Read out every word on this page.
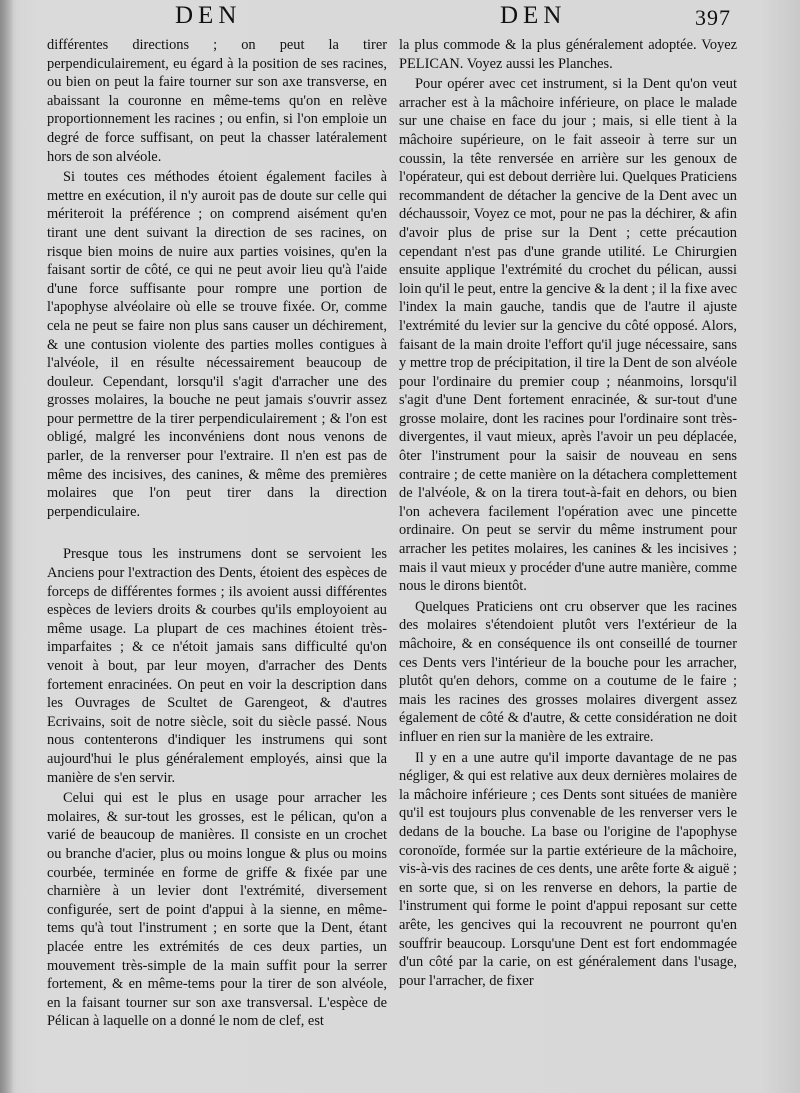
DEN	DEN	397

différentes directions ; on peut la tirer perpendiculairement, eu égard à la position de ses racines, ou bien on peut la faire tourner sur son axe transverse, en abaissant la couronne en même-tems qu'on en relève proportionnement les racines ; ou enfin, si l'on emploie un degré de force suffisant, on peut la chasser latéralement hors de son alvéole.

Si toutes ces méthodes étoient également faciles à mettre en exécution, il n'y auroit pas de doute sur celle qui mériteroit la préférence ; on comprend aisément qu'en tirant une dent suivant la direction de ses racines, on risque bien moins de nuire aux parties voisines, qu'en la faisant sortir de côté, ce qui ne peut avoir lieu qu'à l'aide d'une force suffisante pour rompre une portion de l'apophyse alvéolaire où elle se trouve fixée. Or, comme cela ne peut se faire non plus sans causer un déchirement, & une contusion violente des parties molles contigues à l'alvéole, il en résulte nécessairement beaucoup de douleur. Cependant, lorsqu'il s'agit d'arracher une des grosses molaires, la bouche ne peut jamais s'ouvrir assez pour permettre de la tirer perpendiculairement ; & l'on est obligé, malgré les inconvéniens dont nous venons de parler, de la renverser pour l'extraire. Il n'en est pas de même des incisives, des canines, & même des premières molaires que l'on peut tirer dans la direction perpendiculaire.

Presque tous les instrumens dont se servoient les Anciens pour l'extraction des Dents, étoient des espèces de forceps de différentes formes ; ils avoient aussi différentes espèces de leviers droits & courbes qu'ils employoient au même usage. La plupart de ces machines étoient très-imparfaites ; & ce n'étoit jamais sans difficulté qu'on venoit à bout, par leur moyen, d'arracher des Dents fortement enracinées. On peut en voir la description dans les Ouvrages de Scultet de Garengeot, & d'autres Ecrivains, soit de notre siècle, soit du siècle passé. Nous nous contenterons d'indiquer les instrumens qui sont aujourd'hui le plus généralement employés, ainsi que la manière de s'en servir.

Celui qui est le plus en usage pour arracher les molaires, & sur-tout les grosses, est le pélican, qu'on a varié de beaucoup de manières. Il consiste en un crochet ou branche d'acier, plus ou moins longue & plus ou moins courbée, terminée en forme de griffe & fixée par une charnière à un levier dont l'extrémité, diversement configurée, sert de point d'appui à la sienne, en même-tems qu'à tout l'instrument ; en sorte que la Dent, étant placée entre les extrémités de ces deux parties, un mouvement très-simple de la main suffit pour la serrer fortement, & en même-tems pour la tirer de son alvéole, en la faisant tourner sur son axe transversal. L'espèce de Pélican à laquelle on a donné le nom de clef, est

la plus commode & la plus généralement adoptée. Voyez PELICAN. Voyez aussi les Planches.

Pour opérer avec cet instrument, si la Dent qu'on veut arracher est à la mâchoire inférieure, on place le malade sur une chaise en face du jour ; mais, si elle tient à la mâchoire supérieure, on le fait asseoir à terre sur un coussin, la tête renversée en arrière sur les genoux de l'opérateur, qui est debout derrière lui. Quelques Praticiens recommandent de détacher la gencive de la Dent avec un déchaussoir, Voyez ce mot, pour ne pas la déchirer, & afin d'avoir plus de prise sur la Dent ; cette précaution cependant n'est pas d'une grande utilité. Le Chirurgien ensuite applique l'extrémité du crochet du pélican, aussi loin qu'il le peut, entre la gencive & la dent ; il la fixe avec l'index la main gauche, tandis que de l'autre il ajuste l'extrémité du levier sur la gencive du côté opposé. Alors, faisant de la main droite l'effort qu'il juge nécessaire, sans y mettre trop de précipitation, il tire la Dent de son alvéole pour l'ordinaire du premier coup ; néanmoins, lorsqu'il s'agit d'une Dent fortement enracinée, & sur-tout d'une grosse molaire, dont les racines pour l'ordinaire sont très-divergentes, il vaut mieux, après l'avoir un peu déplacée, ôter l'instrument pour la saisir de nouveau en sens contraire ; de cette manière on la détachera complettement de l'alvéole, & on la tirera tout-à-fait en dehors, ou bien l'on achevera facilement l'opération avec une pincette ordinaire. On peut se servir du même instrument pour arracher les petites molaires, les canines & les incisives ; mais il vaut mieux y procéder d'une autre manière, comme nous le dirons bientôt.

Quelques Praticiens ont cru observer que les racines des molaires s'étendoient plutôt vers l'extérieur de la mâchoire, & en conséquence ils ont conseillé de tourner ces Dents vers l'intérieur de la bouche pour les arracher, plutôt qu'en dehors, comme on a coutume de le faire ; mais les racines des grosses molaires divergent assez également de côté & d'autre, & cette considération ne doit influer en rien sur la manière de les extraire.

Il y en a une autre qu'il importe davantage de ne pas négliger, & qui est relative aux deux dernières molaires de la mâchoire inférieure ; ces Dents sont situées de manière qu'il est toujours plus convenable de les renverser vers le dedans de la bouche. La base ou l'origine de l'apophyse coronoïde, formée sur la partie extérieure de la mâchoire, vis-à-vis des racines de ces dents, une arête forte & aiguë ; en sorte que, si on les renverse en dehors, la partie de l'instrument qui forme le point d'appui reposant sur cette arête, les gencives qui la recouvrent ne pourront qu'en souffrir beaucoup. Lorsqu'une Dent est fort endommagée d'un côté par la carie, on est généralement dans l'usage, pour l'arracher, de fixer
